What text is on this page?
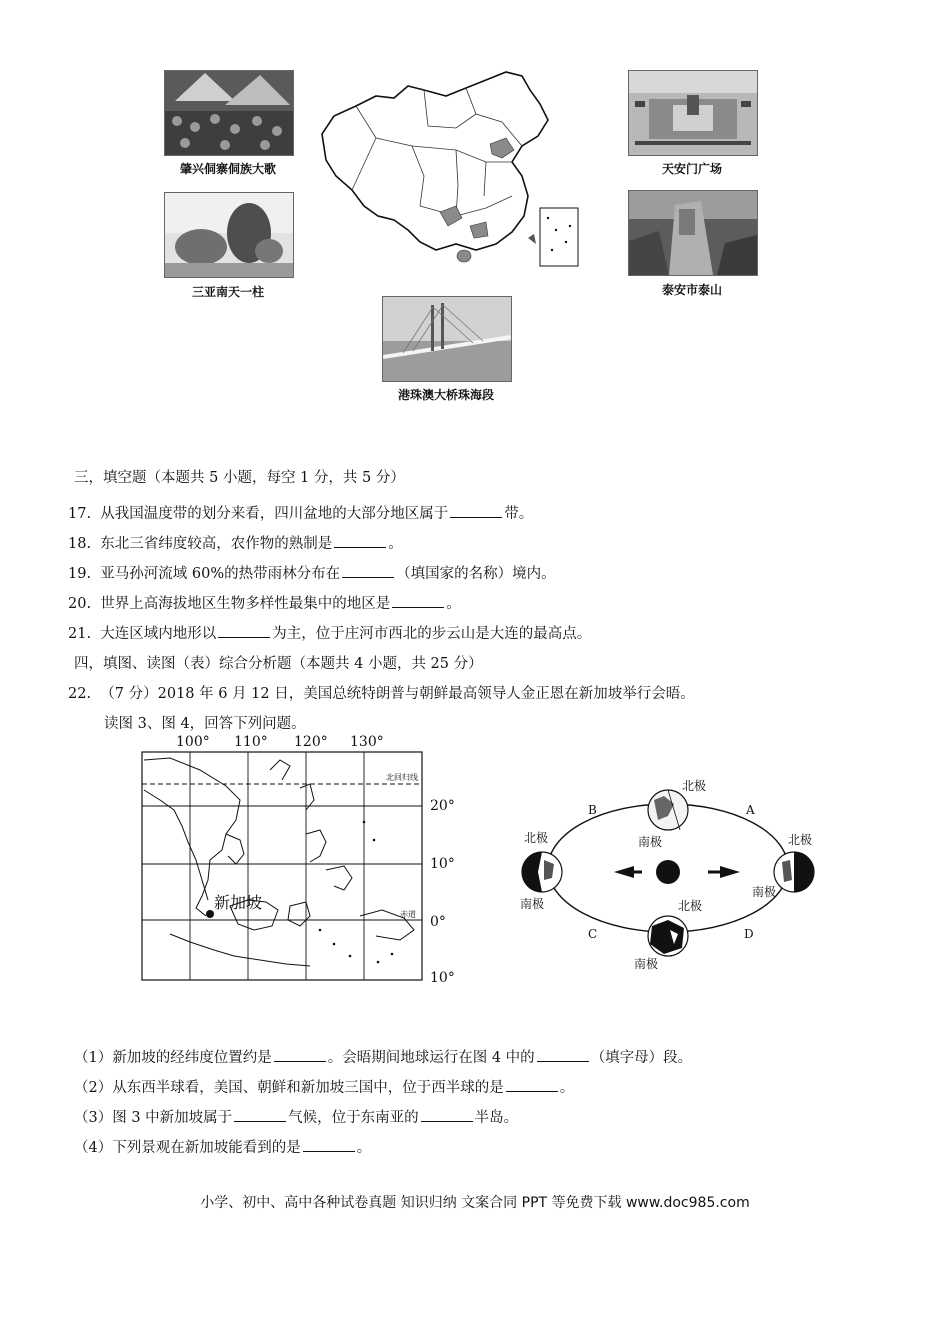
肇兴侗寨侗族大歌
三亚南天一柱
天安门广场
泰安市泰山
港珠澳大桥珠海段
三，填空题（本题共 5 小题，每空 1 分，共 5 分）
17. 从我国温度带的划分来看，四川盆地的大部分地区属于	带。
18. 东北三省纬度较高，农作物的熟制是	。
19. 亚马孙河流域 60%的热带雨林分布在	（填国家的名称）境内。
20. 世界上高海拔地区生物多样性最集中的地区是	。
21. 大连区域内地形以	为主，位于庄河市西北的步云山是大连的最高点。
四，填图、读图（表）综合分析题（本题共 4 小题，共 25 分）
22. （7 分）2018 年 6 月 12 日，美国总统特朗普与朝鲜最高领导人金正恩在新加坡举行会晤。
读图 3、图 4，回答下列问题。
100° 110° 120° 130°
20°
10°
0°
10°
北回归线
赤道
新加坡
北极
南极
北极
南极
北极
南极
北极
南极
B	A
C	D
（1）新加坡的经纬度位置约是	。会晤期间地球运行在图 4 中的	（填字母）段。
（2）从东西半球看，美国、朝鲜和新加坡三国中，位于西半球的是	。
（3）图 3 中新加坡属于	气候，位于东南亚的	半岛。
（4）下列景观在新加坡能看到的是	。
小学、初中、高中各种试卷真题 知识归纳 文案合同 PPT 等免费下载 www.doc985.com
